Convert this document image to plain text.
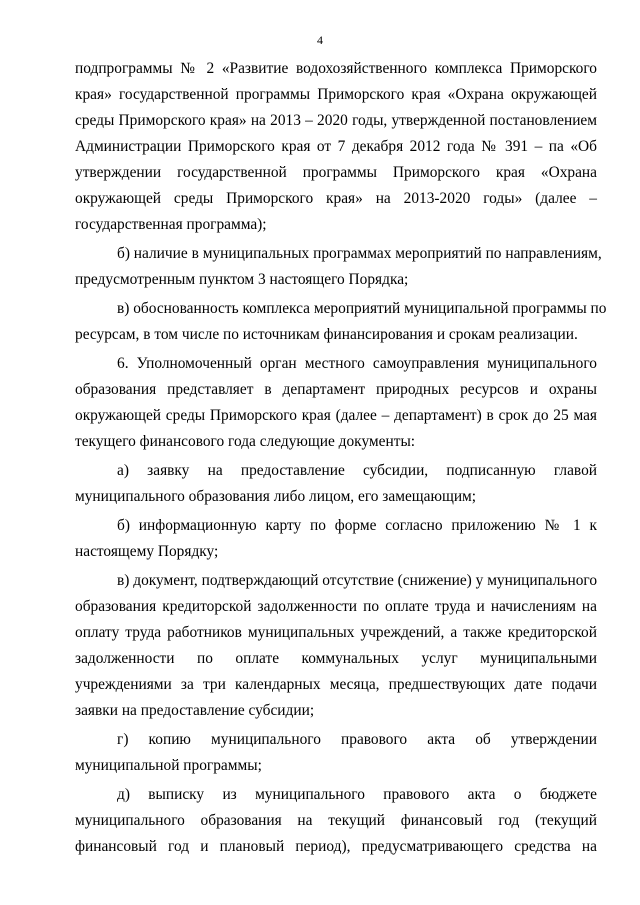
4
подпрограммы № 2 «Развитие водохозяйственного комплекса Приморского
края» государственной программы Приморского края «Охрана окружающей
среды Приморского края» на 2013 – 2020 годы, утвержденной постановлением
Администрации Приморского края от 7 декабря 2012 года № 391 – па «Об
утверждении государственной программы Приморского края «Охрана
окружающей среды Приморского края» на 2013-2020 годы» (далее –
государственная программа);
б) наличие в муниципальных программах мероприятий по направлениям,
предусмотренным пунктом 3 настоящего Порядка;
в) обоснованность комплекса мероприятий муниципальной программы по
ресурсам, в том числе по источникам финансирования и срокам реализации.
6. Уполномоченный орган местного самоуправления муниципального
образования представляет в департамент природных ресурсов и охраны
окружающей среды Приморского края (далее – департамент) в срок до 25 мая
текущего финансового года следующие документы:
а) заявку на предоставление субсидии, подписанную главой
муниципального образования либо лицом, его замещающим;
б) информационную карту по форме согласно приложению № 1 к
настоящему Порядку;
в) документ, подтверждающий отсутствие (снижение) у муниципального
образования кредиторской задолженности по оплате труда и начислениям на
оплату труда работников муниципальных учреждений, а также кредиторской
задолженности по оплате коммунальных услуг муниципальными
учреждениями за три календарных месяца, предшествующих дате подачи
заявки на предоставление субсидии;
г) копию муниципального правового акта об утверждении
муниципальной программы;
д) выписку из муниципального правового акта о бюджете
муниципального образования на текущий финансовый год (текущий
финансовый год и плановый период), предусматривающего средства на
